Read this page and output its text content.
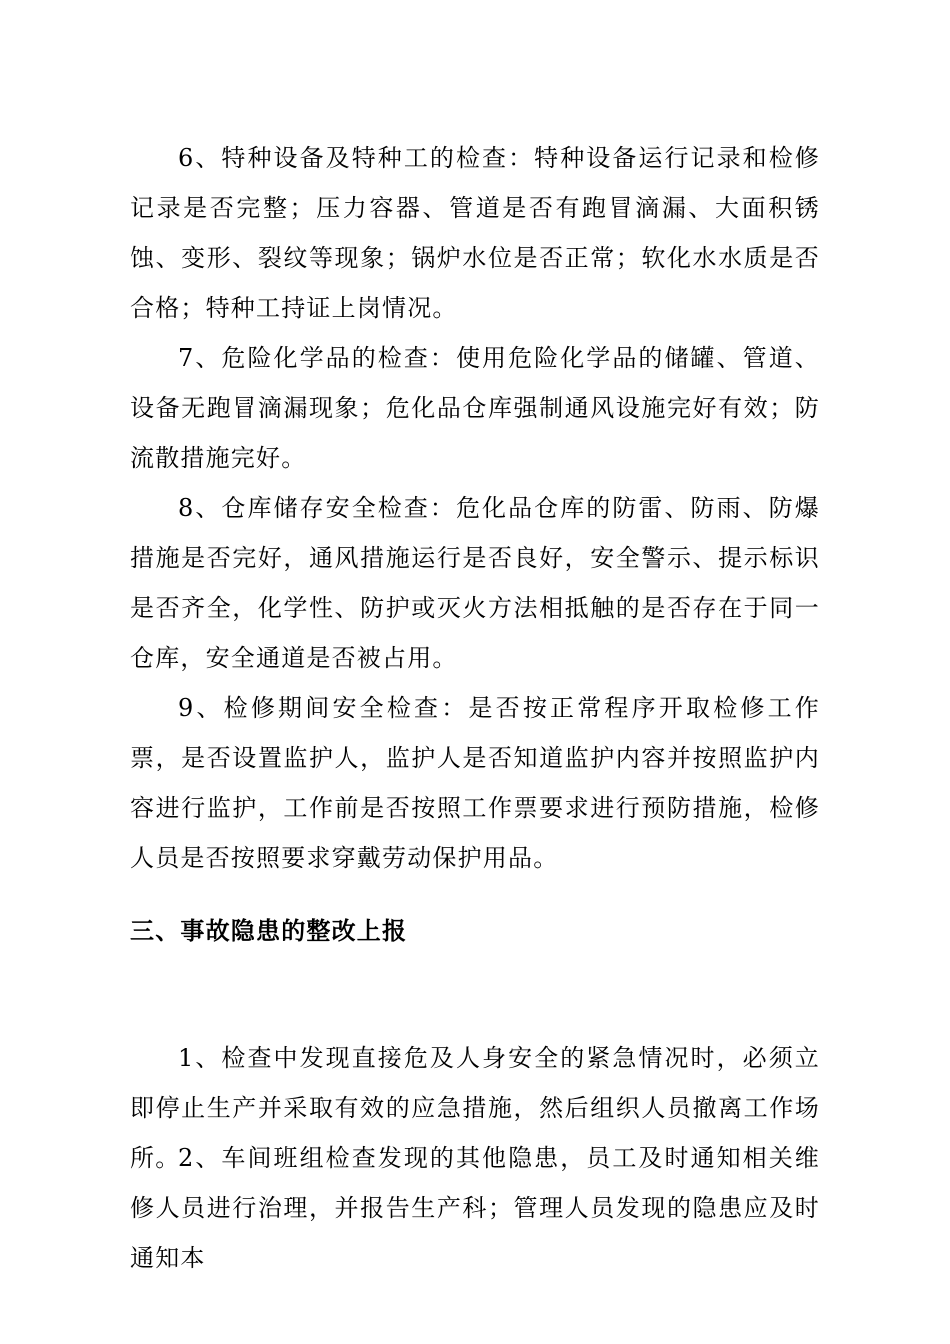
6、特种设备及特种工的检查：特种设备运行记录和检修记录是否完整；压力容器、管道是否有跑冒滴漏、大面积锈蚀、变形、裂纹等现象；锅炉水位是否正常；软化水水质是否合格；特种工持证上岗情况。

7、危险化学品的检查：使用危险化学品的储罐、管道、设备无跑冒滴漏现象；危化品仓库强制通风设施完好有效；防流散措施完好。

8、仓库储存安全检查：危化品仓库的防雷、防雨、防爆措施是否完好，通风措施运行是否良好，安全警示、提示标识是否齐全，化学性、防护或灭火方法相抵触的是否存在于同一仓库，安全通道是否被占用。

9、检修期间安全检查：是否按正常程序开取检修工作票，是否设置监护人，监护人是否知道监护内容并按照监护内容进行监护，工作前是否按照工作票要求进行预防措施，检修人员是否按照要求穿戴劳动保护用品。

三、事故隐患的整改上报

1、检查中发现直接危及人身安全的紧急情况时，必须立即停止生产并采取有效的应急措施，然后组织人员撤离工作场所。

2、车间班组检查发现的其他隐患，员工及时通知相关维修人员进行治理，并报告生产科；管理人员发现的隐患应及时通知本
